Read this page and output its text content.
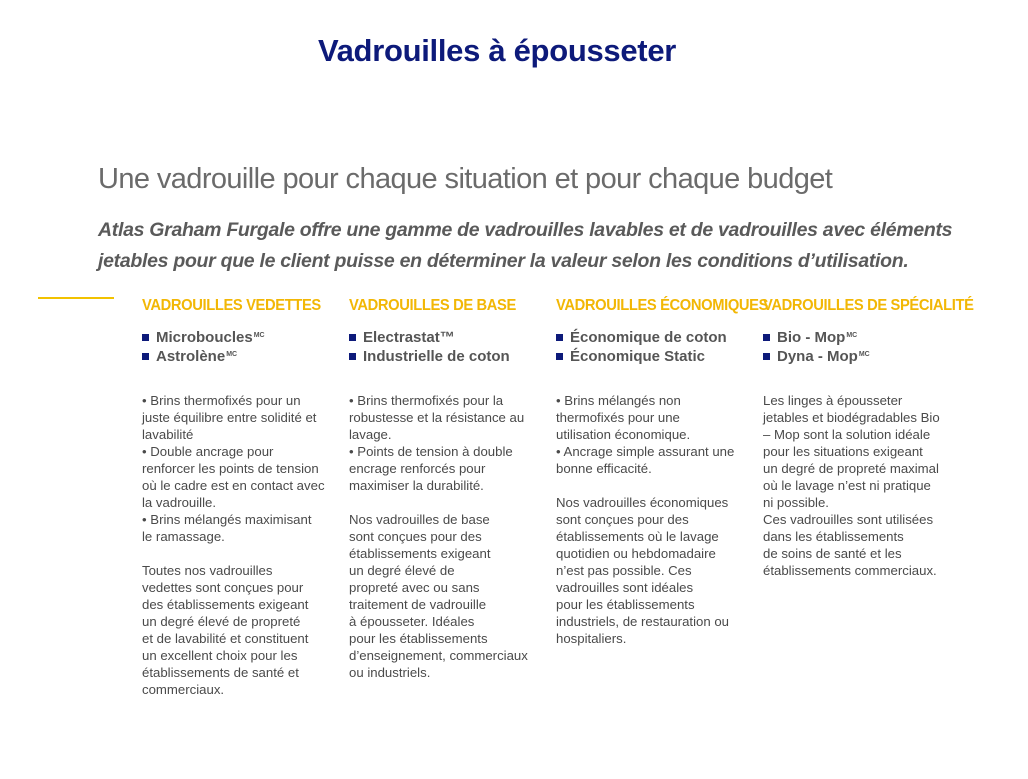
Vadrouilles à épousseter
Une vadrouille pour chaque situation et pour chaque budget

Atlas Graham Furgale offre une gamme de vadrouilles lavables et de vadrouilles avec éléments jetables pour que le client puisse en déterminer la valeur selon les conditions d’utilisation.

VADROUILLES VEDETTES
Microboucles$^{MC}$
Astrolène$^{MC}$
• Brins thermofixés pour un
juste équilibre entre solidité et
lavabilité
• Double ancrage pour
renforcer les points de tension
où le cadre est en contact avec
la vadrouille.
• Brins mélangés maximisant
le ramassage.

Toutes nos vadrouilles
vedettes sont conçues pour
des établissements exigeant
un degré élevé de propreté
et de lavabilité et constituent
un excellent choix pour les
établissements de santé et
commerciaux.
VADROUILLES DE BASE
Electrastat™
Industrielle de coton
• Brins thermofixés pour la
robustesse et la résistance au
lavage.
• Points de tension à double
encrage renforcés pour
maximiser la durabilité.

Nos vadrouilles de base
sont conçues pour des
établissements exigeant
un degré élevé de
propreté avec ou sans
traitement de vadrouille
à épousseter. Idéales
pour les établissements
d’enseignement, commerciaux
ou industriels.
VADROUILLES ÉCONOMIQUES
Économique de coton
Économique Static
• Brins mélangés non
thermofixés pour une
utilisation économique.
• Ancrage simple assurant une
bonne efficacité.

Nos vadrouilles économiques
sont conçues pour des
établissements où le lavage
quotidien ou hebdomadaire
n’est pas possible. Ces
vadrouilles sont idéales
pour les établissements
industriels, de restauration ou
hospitaliers.
VADROUILLES DE SPÉCIALITÉ
Bio - Mop$^{MC}$
Dyna - Mop$^{MC}$
Les linges à épousseter
jetables et biodégradables Bio
– Mop sont la solution idéale
pour les situations exigeant
un degré de propreté maximal
où le lavage n’est ni pratique
ni possible.
Ces vadrouilles sont utilisées
dans les établissements
de soins de santé et les
établissements commerciaux.
